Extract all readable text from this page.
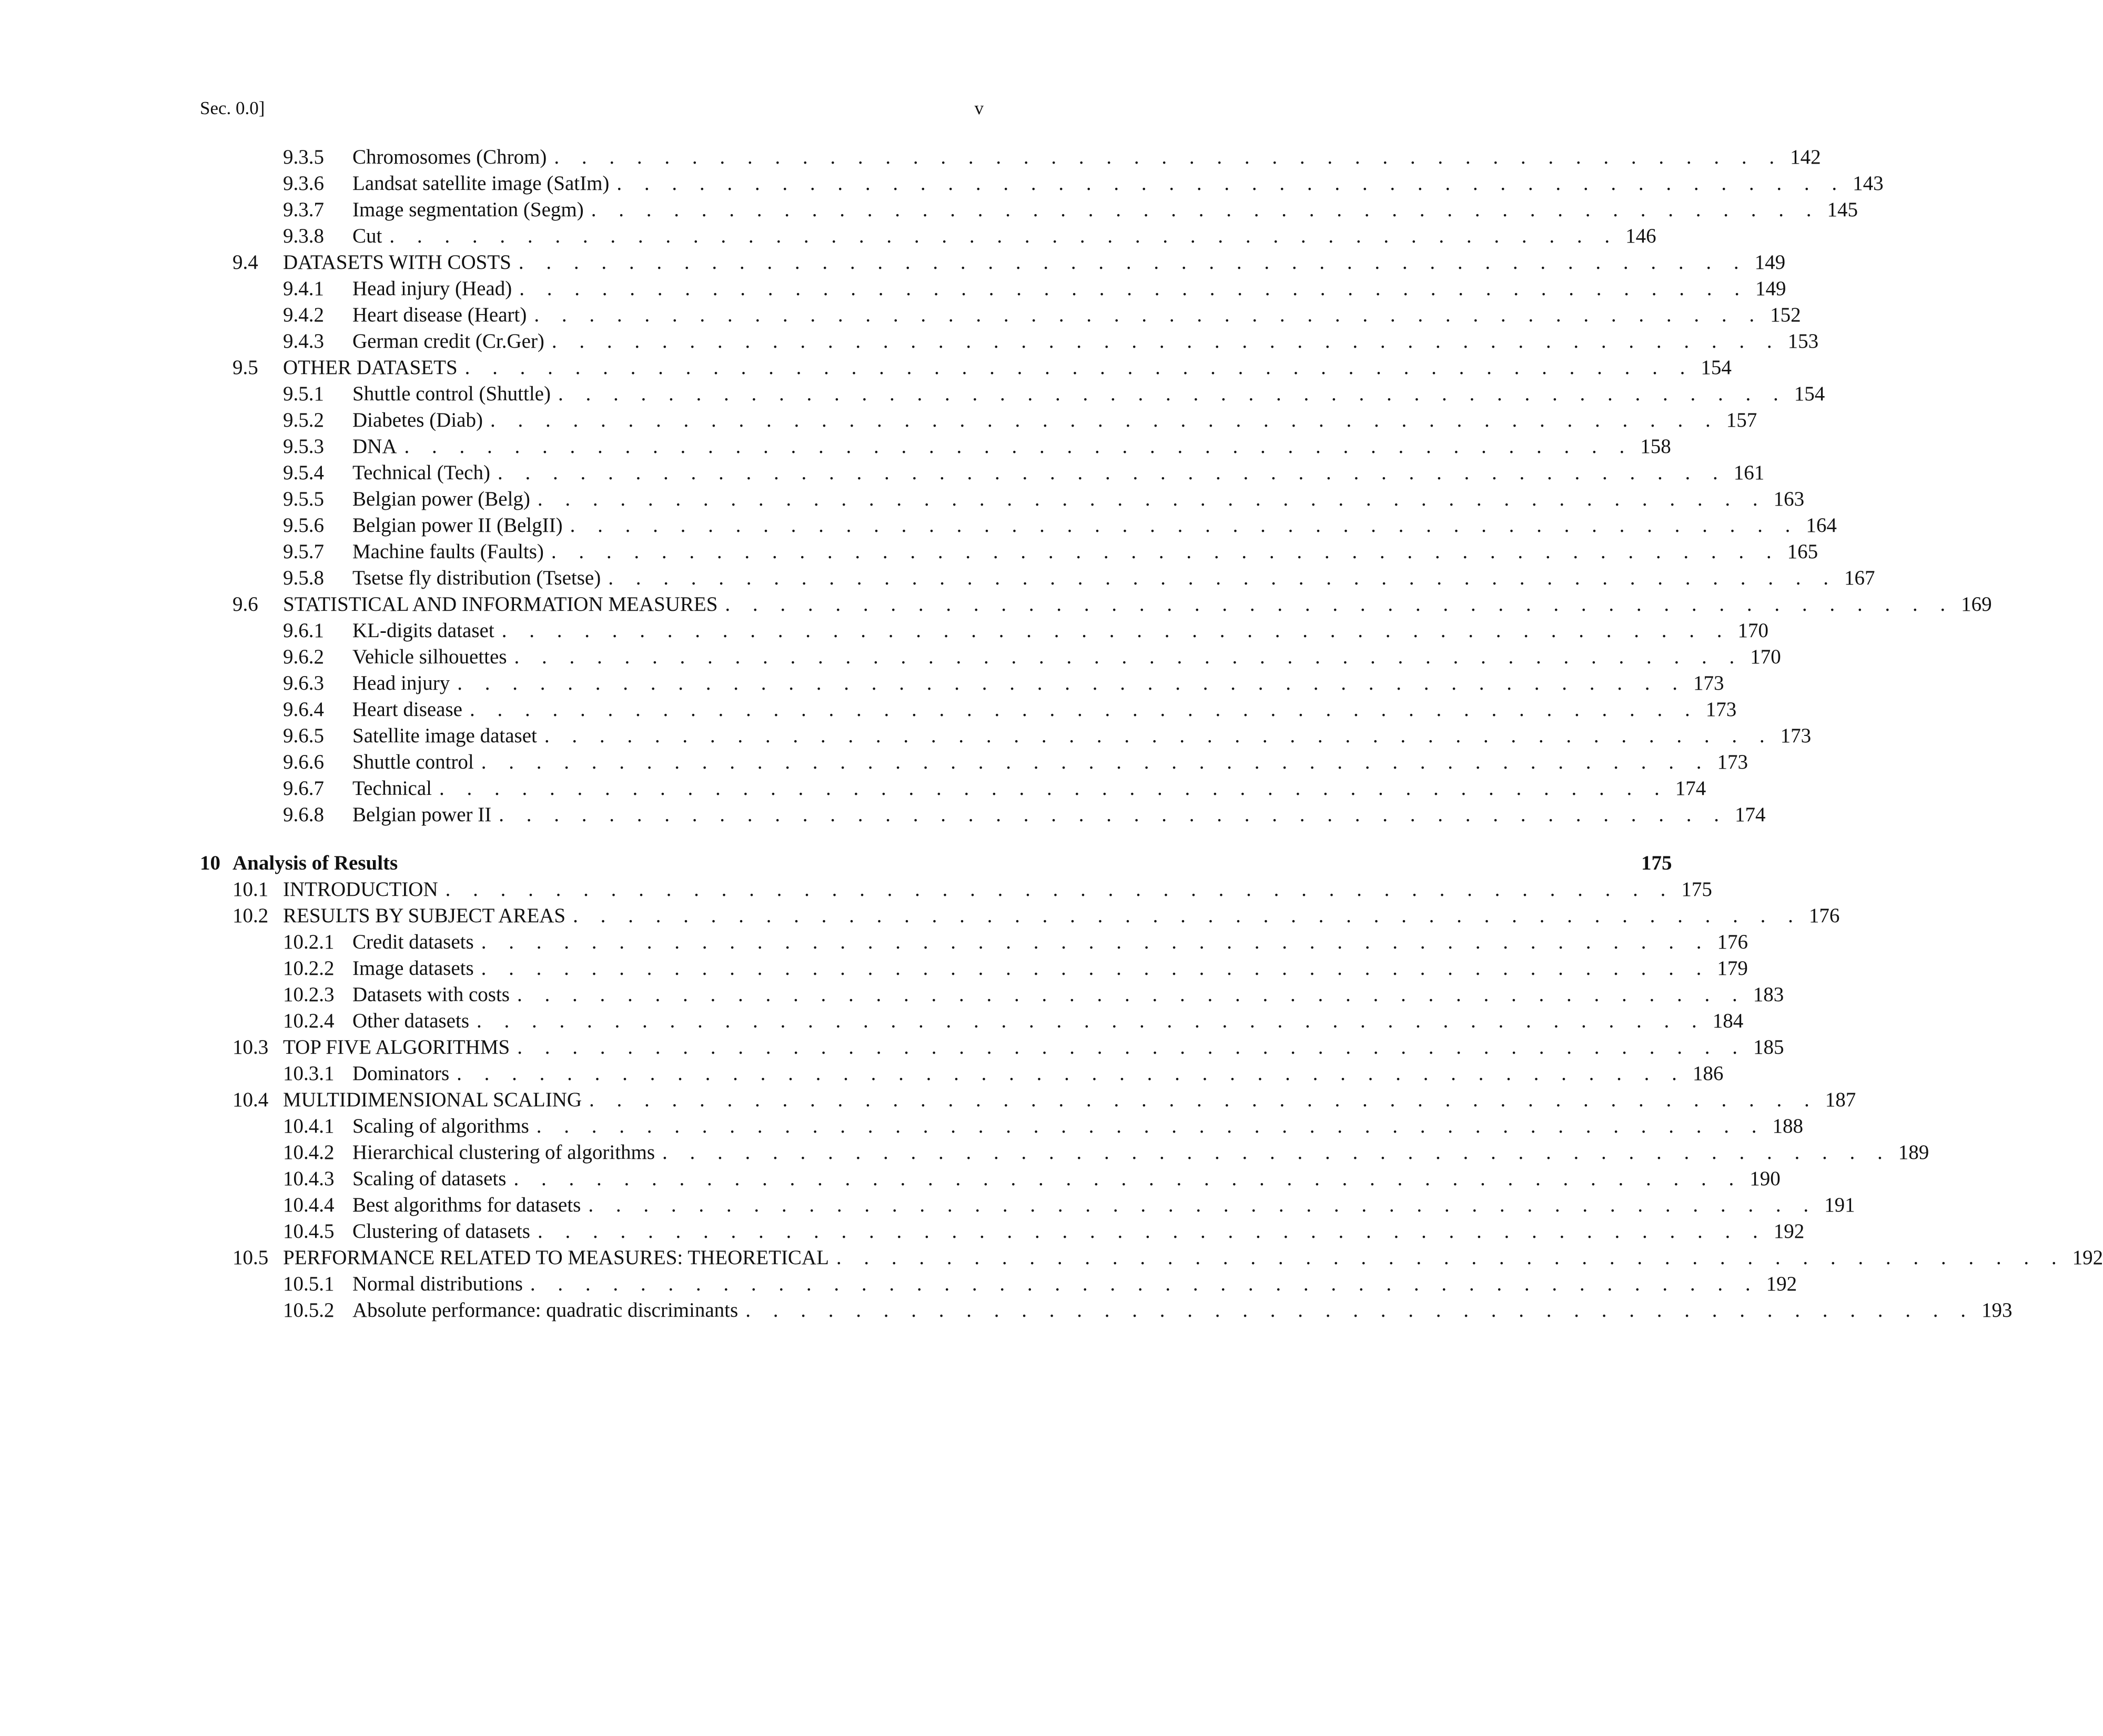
Sec. 0.0]	v
9.3.5 Chromosomes (Chrom) . . . . . . . . . . . . . . . . . . . . . . . . . . . . . . . . . . . . . . . . . . . . . 142
9.3.6 Landsat satellite image (SatIm) . . . . . . . . . . . . . . . . . . . . . . . . . . . . . . . . . . . . . . . . . . . . . 143
9.3.7 Image segmentation (Segm) . . . . . . . . . . . . . . . . . . . . . . . . . . . . . . . . . . . . . . . . . . . . . 145
9.3.8 Cut . . . . . . . . . . . . . . . . . . . . . . . . . . . . . . . . . . . . . . . . . . . . . 146
9.4 DATASETS WITH COSTS . . . . . . . . . . . . . . . . . . . . . . . . . . . . . . . . . . . . . . . . . . . . . 149
9.4.1 Head injury (Head) . . . . . . . . . . . . . . . . . . . . . . . . . . . . . . . . . . . . . . . . . . . . . 149
9.4.2 Heart disease (Heart) . . . . . . . . . . . . . . . . . . . . . . . . . . . . . . . . . . . . . . . . . . . . . 152
9.4.3 German credit (Cr.Ger) . . . . . . . . . . . . . . . . . . . . . . . . . . . . . . . . . . . . . . . . . . . . . 153
9.5 OTHER DATASETS . . . . . . . . . . . . . . . . . . . . . . . . . . . . . . . . . . . . . . . . . . . . . 154
9.5.1 Shuttle control (Shuttle) . . . . . . . . . . . . . . . . . . . . . . . . . . . . . . . . . . . . . . . . . . . . . 154
9.5.2 Diabetes (Diab) . . . . . . . . . . . . . . . . . . . . . . . . . . . . . . . . . . . . . . . . . . . . . 157
9.5.3 DNA . . . . . . . . . . . . . . . . . . . . . . . . . . . . . . . . . . . . . . . . . . . . . 158
9.5.4 Technical (Tech) . . . . . . . . . . . . . . . . . . . . . . . . . . . . . . . . . . . . . . . . . . . . . 161
9.5.5 Belgian power (Belg) . . . . . . . . . . . . . . . . . . . . . . . . . . . . . . . . . . . . . . . . . . . . . 163
9.5.6 Belgian power II (BelgII) . . . . . . . . . . . . . . . . . . . . . . . . . . . . . . . . . . . . . . . . . . . . . 164
9.5.7 Machine faults (Faults) . . . . . . . . . . . . . . . . . . . . . . . . . . . . . . . . . . . . . . . . . . . . . 165
9.5.8 Tsetse fly distribution (Tsetse) . . . . . . . . . . . . . . . . . . . . . . . . . . . . . . . . . . . . . . . . . . . . . 167
9.6 STATISTICAL AND INFORMATION MEASURES . . . . . . . . . . . . . . . . . . . . . . . . . . . . . . . . . . . . . . . . . . . . . 169
9.6.1 KL-digits dataset . . . . . . . . . . . . . . . . . . . . . . . . . . . . . . . . . . . . . . . . . . . . . 170
9.6.2 Vehicle silhouettes . . . . . . . . . . . . . . . . . . . . . . . . . . . . . . . . . . . . . . . . . . . . . 170
9.6.3 Head injury . . . . . . . . . . . . . . . . . . . . . . . . . . . . . . . . . . . . . . . . . . . . . 173
9.6.4 Heart disease . . . . . . . . . . . . . . . . . . . . . . . . . . . . . . . . . . . . . . . . . . . . . 173
9.6.5 Satellite image dataset . . . . . . . . . . . . . . . . . . . . . . . . . . . . . . . . . . . . . . . . . . . . . 173
9.6.6 Shuttle control . . . . . . . . . . . . . . . . . . . . . . . . . . . . . . . . . . . . . . . . . . . . . 173
9.6.7 Technical . . . . . . . . . . . . . . . . . . . . . . . . . . . . . . . . . . . . . . . . . . . . . 174
9.6.8 Belgian power II . . . . . . . . . . . . . . . . . . . . . . . . . . . . . . . . . . . . . . . . . . . . . 174
10 Analysis of Results	175
10.1 INTRODUCTION . . . . . . . . . . . . . . . . . . . . . . . . . . . . . . . . . . . . . . . . . . . . . 175
10.2 RESULTS BY SUBJECT AREAS . . . . . . . . . . . . . . . . . . . . . . . . . . . . . . . . . . . . . . . . . . . . . 176
10.2.1 Credit datasets . . . . . . . . . . . . . . . . . . . . . . . . . . . . . . . . . . . . . . . . . . . . . 176
10.2.2 Image datasets . . . . . . . . . . . . . . . . . . . . . . . . . . . . . . . . . . . . . . . . . . . . . 179
10.2.3 Datasets with costs . . . . . . . . . . . . . . . . . . . . . . . . . . . . . . . . . . . . . . . . . . . . . 183
10.2.4 Other datasets . . . . . . . . . . . . . . . . . . . . . . . . . . . . . . . . . . . . . . . . . . . . . 184
10.3 TOP FIVE ALGORITHMS . . . . . . . . . . . . . . . . . . . . . . . . . . . . . . . . . . . . . . . . . . . . . 185
10.3.1 Dominators . . . . . . . . . . . . . . . . . . . . . . . . . . . . . . . . . . . . . . . . . . . . . 186
10.4 MULTIDIMENSIONAL SCALING . . . . . . . . . . . . . . . . . . . . . . . . . . . . . . . . . . . . . . . . . . . . . 187
10.4.1 Scaling of algorithms . . . . . . . . . . . . . . . . . . . . . . . . . . . . . . . . . . . . . . . . . . . . . 188
10.4.2 Hierarchical clustering of algorithms . . . . . . . . . . . . . . . . . . . . . . . . . . . . . . . . . . . . . . . . . . . . . 189
10.4.3 Scaling of datasets . . . . . . . . . . . . . . . . . . . . . . . . . . . . . . . . . . . . . . . . . . . . . 190
10.4.4 Best algorithms for datasets . . . . . . . . . . . . . . . . . . . . . . . . . . . . . . . . . . . . . . . . . . . . . 191
10.4.5 Clustering of datasets . . . . . . . . . . . . . . . . . . . . . . . . . . . . . . . . . . . . . . . . . . . . . 192
10.5 PERFORMANCE RELATED TO MEASURES: THEORETICAL . . . . . . . . . . . . . . . . . . . . . . . . . . . . . . . . . . . . . . . . . . . . . 192
10.5.1 Normal distributions . . . . . . . . . . . . . . . . . . . . . . . . . . . . . . . . . . . . . . . . . . . . . 192
10.5.2 Absolute performance: quadratic discriminants . . . . . . . . . . . . . . . . . . . . . . . . . . . . . . . . . . . . . . . . . . . . . 193
